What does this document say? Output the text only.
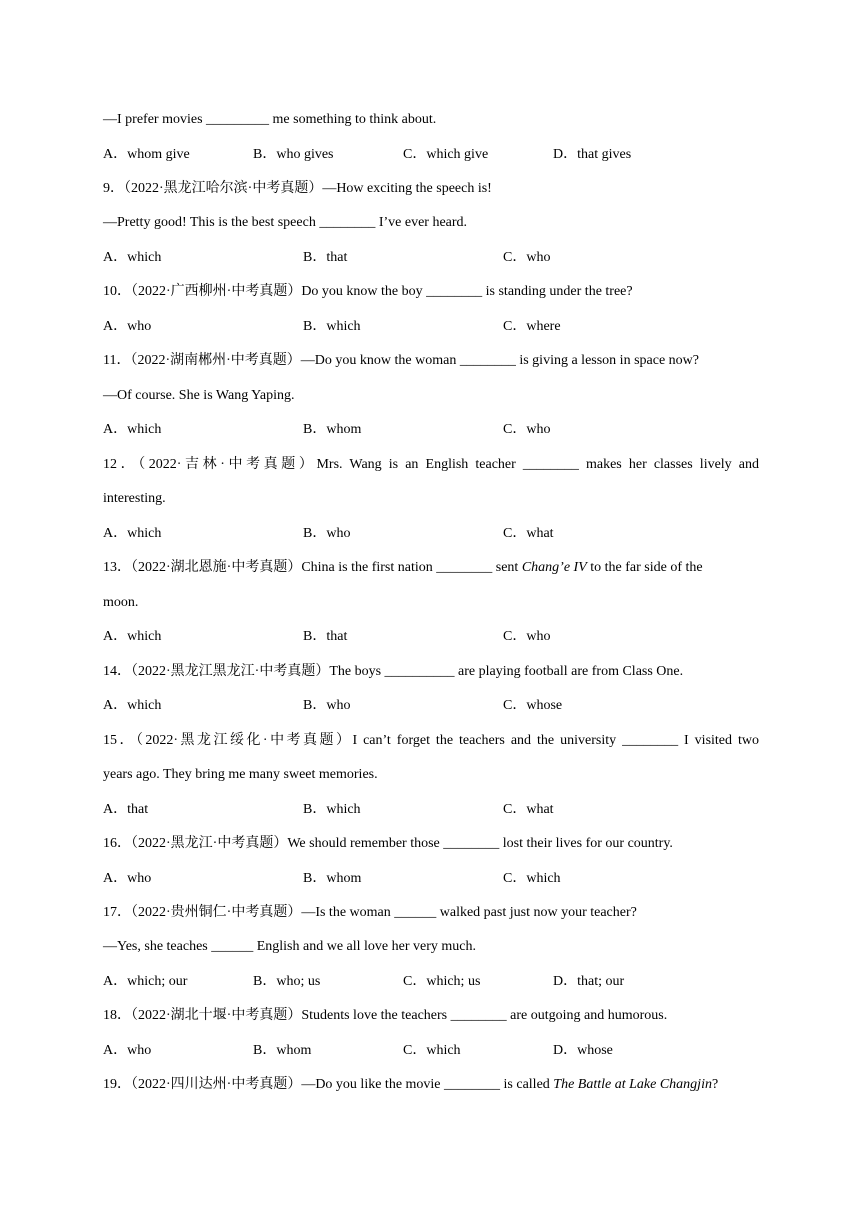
—I prefer movies _________ me something to think about.
A．whom give	B．who gives	C．which give	D．that gives
9．（2022·黑龙江哈尔滨·中考真题）—How exciting the speech is!
—Pretty good! This is the best speech ________ I’ve ever heard.
A．which	B．that	C．who
10．（2022·广西柳州·中考真题）Do you know the boy ________ is standing under the tree?
A．who	B．which	C．where
11．（2022·湖南郴州·中考真题）—Do you know the woman ________ is giving a lesson in space now?
—Of course. She is Wang Yaping.
A．which	B．whom	C．who
12．（2022·吉林·中考真题）Mrs. Wang is an English teacher ________ makes her classes lively and
interesting.
A．which	B．who	C．what
13．（2022·湖北恩施·中考真题）China is the first nation ________ sent Chang’e IV to the far side of the
moon.
A．which	B．that	C．who
14．（2022·黑龙江黑龙江·中考真题）The boys __________ are playing football are from Class One.
A．which	B．who	C．whose
15．（2022·黑龙江绥化·中考真题）I can’t forget the teachers and the university ________ I visited two
years ago. They bring me many sweet memories.
A．that	B．which	C．what
16．（2022·黑龙江·中考真题）We should remember those ________ lost their lives for our country.
A．who	B．whom	C．which
17．（2022·贵州铜仁·中考真题）—Is the woman ______ walked past just now your teacher?
—Yes, she teaches ______ English and we all love her very much.
A．which; our	B．who; us	C．which; us	D．that; our
18．（2022·湖北十堰·中考真题）Students love the teachers ________ are outgoing and humorous.
A．who	B．whom	C．which	D．whose
19．（2022·四川达州·中考真题）—Do you like the movie ________ is called The Battle at Lake Changjin?
